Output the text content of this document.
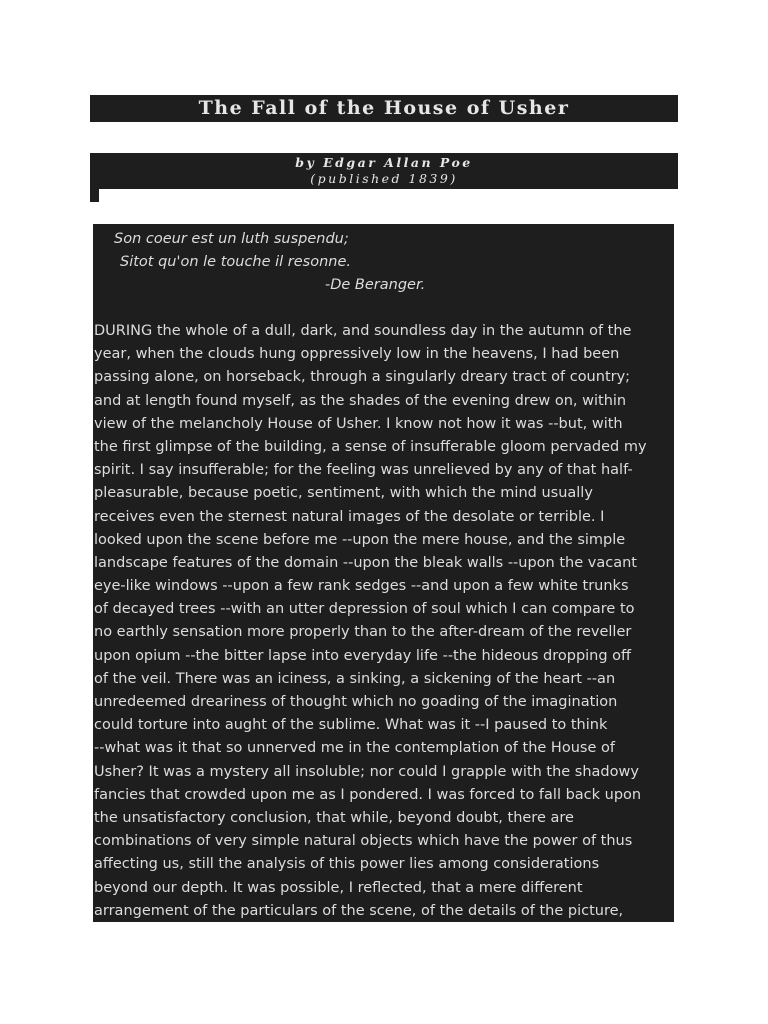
The Fall of the House of Usher
by Edgar Allan Poe
(published 1839)
Son coeur est un luth suspendu;
Sitot qu'on le touche il resonne.
-De Beranger.
DURING the whole of a dull, dark, and soundless day in the autumn of the
year, when the clouds hung oppressively low in the heavens, I had been
passing alone, on horseback, through a singularly dreary tract of country;
and at length found myself, as the shades of the evening drew on, within
view of the melancholy House of Usher. I know not how it was --but, with
the first glimpse of the building, a sense of insufferable gloom pervaded my
spirit. I say insufferable; for the feeling was unrelieved by any of that half-
pleasurable, because poetic, sentiment, with which the mind usually
receives even the sternest natural images of the desolate or terrible. I
looked upon the scene before me --upon the mere house, and the simple
landscape features of the domain --upon the bleak walls --upon the vacant
eye-like windows --upon a few rank sedges --and upon a few white trunks
of decayed trees --with an utter depression of soul which I can compare to
no earthly sensation more properly than to the after-dream of the reveller
upon opium --the bitter lapse into everyday life --the hideous dropping off
of the veil. There was an iciness, a sinking, a sickening of the heart --an
unredeemed dreariness of thought which no goading of the imagination
could torture into aught of the sublime. What was it --I paused to think
--what was it that so unnerved me in the contemplation of the House of
Usher? It was a mystery all insoluble; nor could I grapple with the shadowy
fancies that crowded upon me as I pondered. I was forced to fall back upon
the unsatisfactory conclusion, that while, beyond doubt, there are
combinations of very simple natural objects which have the power of thus
affecting us, still the analysis of this power lies among considerations
beyond our depth. It was possible, I reflected, that a mere different
arrangement of the particulars of the scene, of the details of the picture,
